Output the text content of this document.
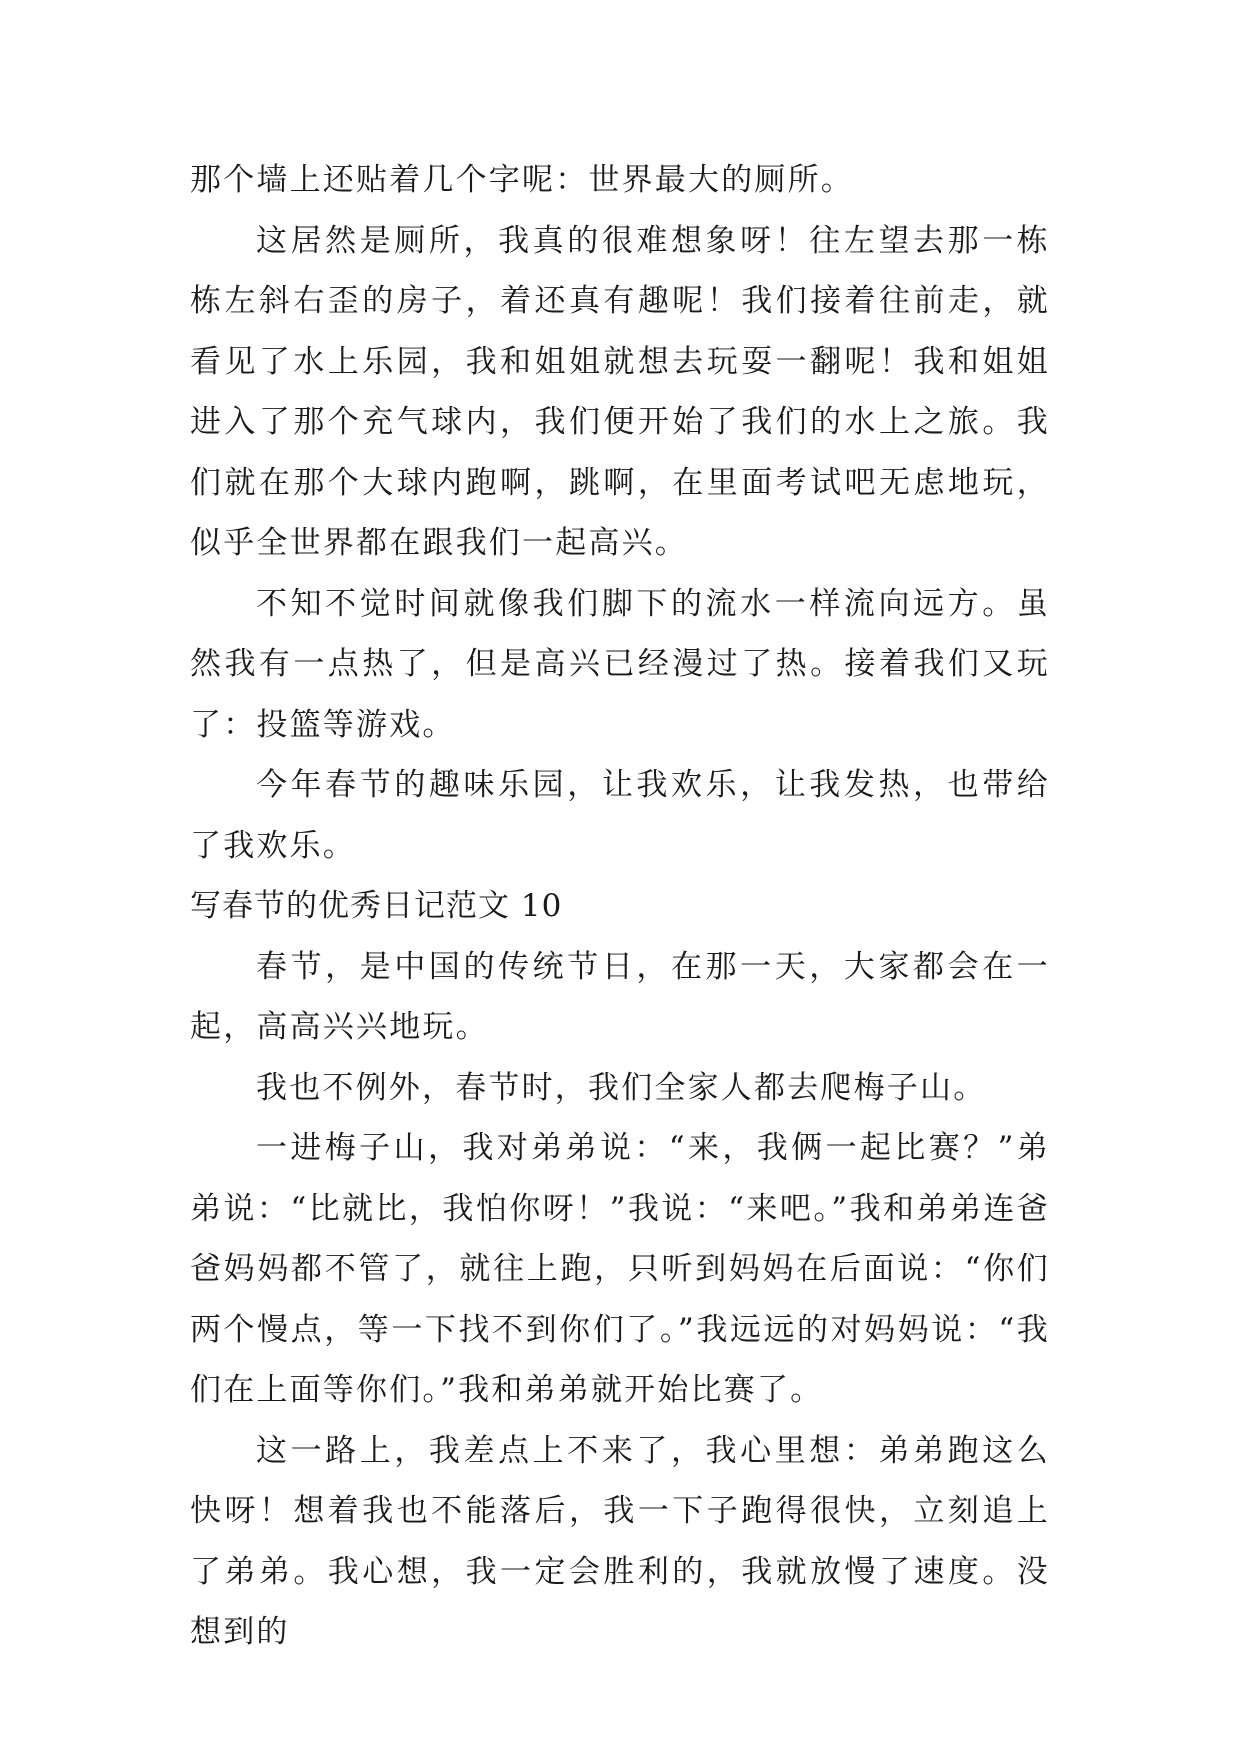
那个墙上还贴着几个字呢：世界最大的厕所。

这居然是厕所，我真的很难想象呀！往左望去那一栋栋左斜右歪的房子，着还真有趣呢！我们接着往前走，就看见了水上乐园，我和姐姐就想去玩耍一翻呢！我和姐姐进入了那个充气球内，我们便开始了我们的水上之旅。我们就在那个大球内跑啊，跳啊，在里面考试吧无虑地玩，似乎全世界都在跟我们一起高兴。

不知不觉时间就像我们脚下的流水一样流向远方。虽然我有一点热了，但是高兴已经漫过了热。接着我们又玩了：投篮等游戏。

今年春节的趣味乐园，让我欢乐，让我发热，也带给了我欢乐。

写春节的优秀日记范文 10

春节，是中国的传统节日，在那一天，大家都会在一起，高高兴兴地玩。

我也不例外，春节时，我们全家人都去爬梅子山。

一进梅子山，我对弟弟说：“来，我俩一起比赛？”弟弟说：“比就比，我怕你呀！”我说：“来吧。”我和弟弟连爸爸妈妈都不管了，就往上跑，只听到妈妈在后面说：“你们两个慢点，等一下找不到你们了。”我远远的对妈妈说：“我们在上面等你们。”我和弟弟就开始比赛了。

这一路上，我差点上不来了，我心里想：弟弟跑这么快呀！想着我也不能落后，我一下子跑得很快，立刻追上了弟弟。我心想，我一定会胜利的，我就放慢了速度。没想到的
